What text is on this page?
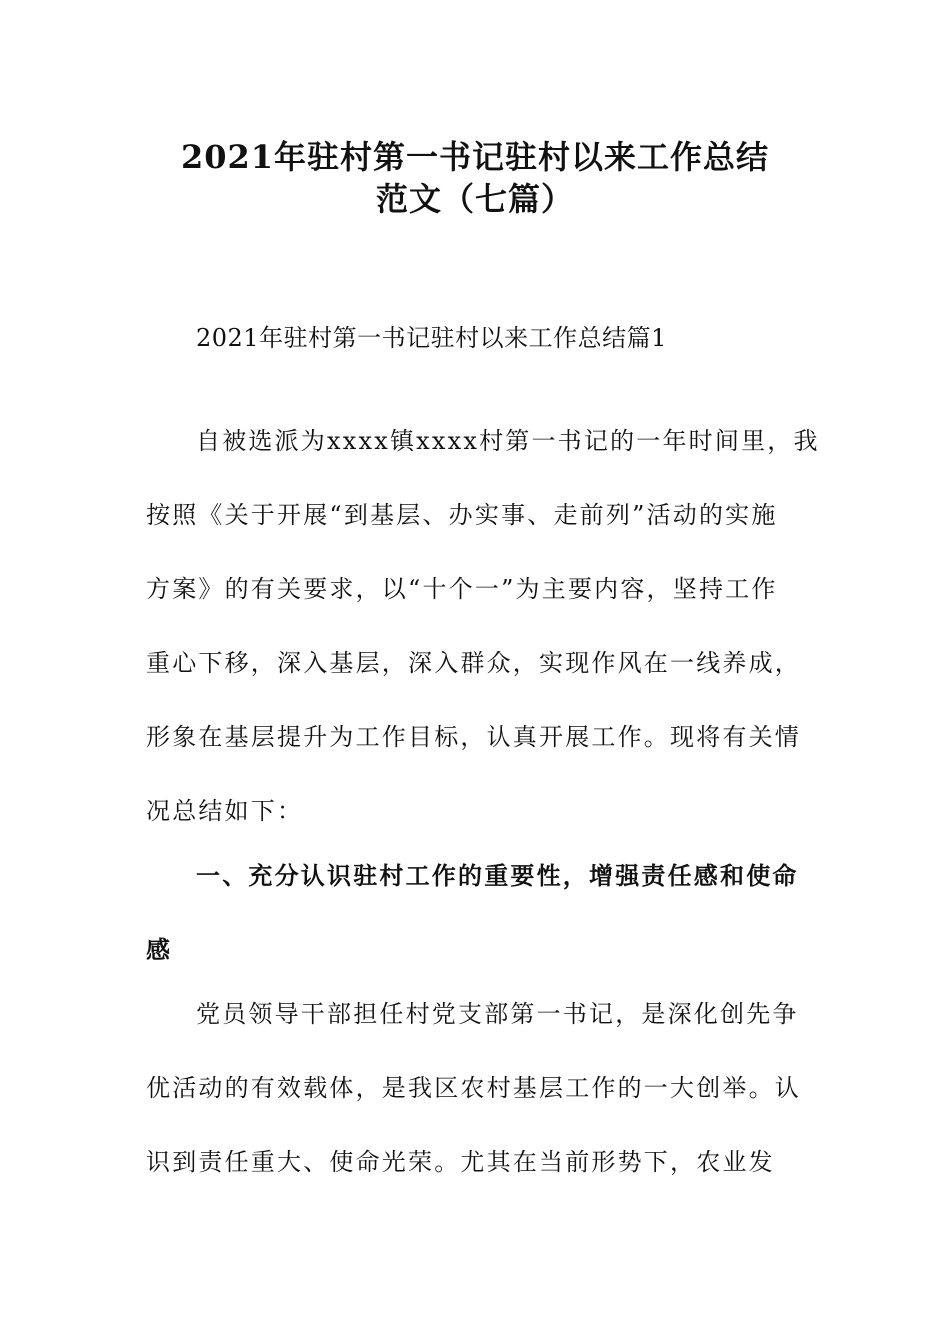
2021年驻村第一书记驻村以来工作总结
范文（七篇）
2021年驻村第一书记驻村以来工作总结篇1

自被选派为xxxx镇xxxx村第一书记的一年时间里，我

按照《关于开展“到基层、办实事、走前列”活动的实施

方案》的有关要求，以“十个一”为主要内容，坚持工作

重心下移，深入基层，深入群众，实现作风在一线养成，

形象在基层提升为工作目标，认真开展工作。现将有关情

况总结如下：

一、充分认识驻村工作的重要性，增强责任感和使命
感

党员领导干部担任村党支部第一书记，是深化创先争

优活动的有效载体，是我区农村基层工作的一大创举。认

识到责任重大、使命光荣。尤其在当前形势下，农业发
